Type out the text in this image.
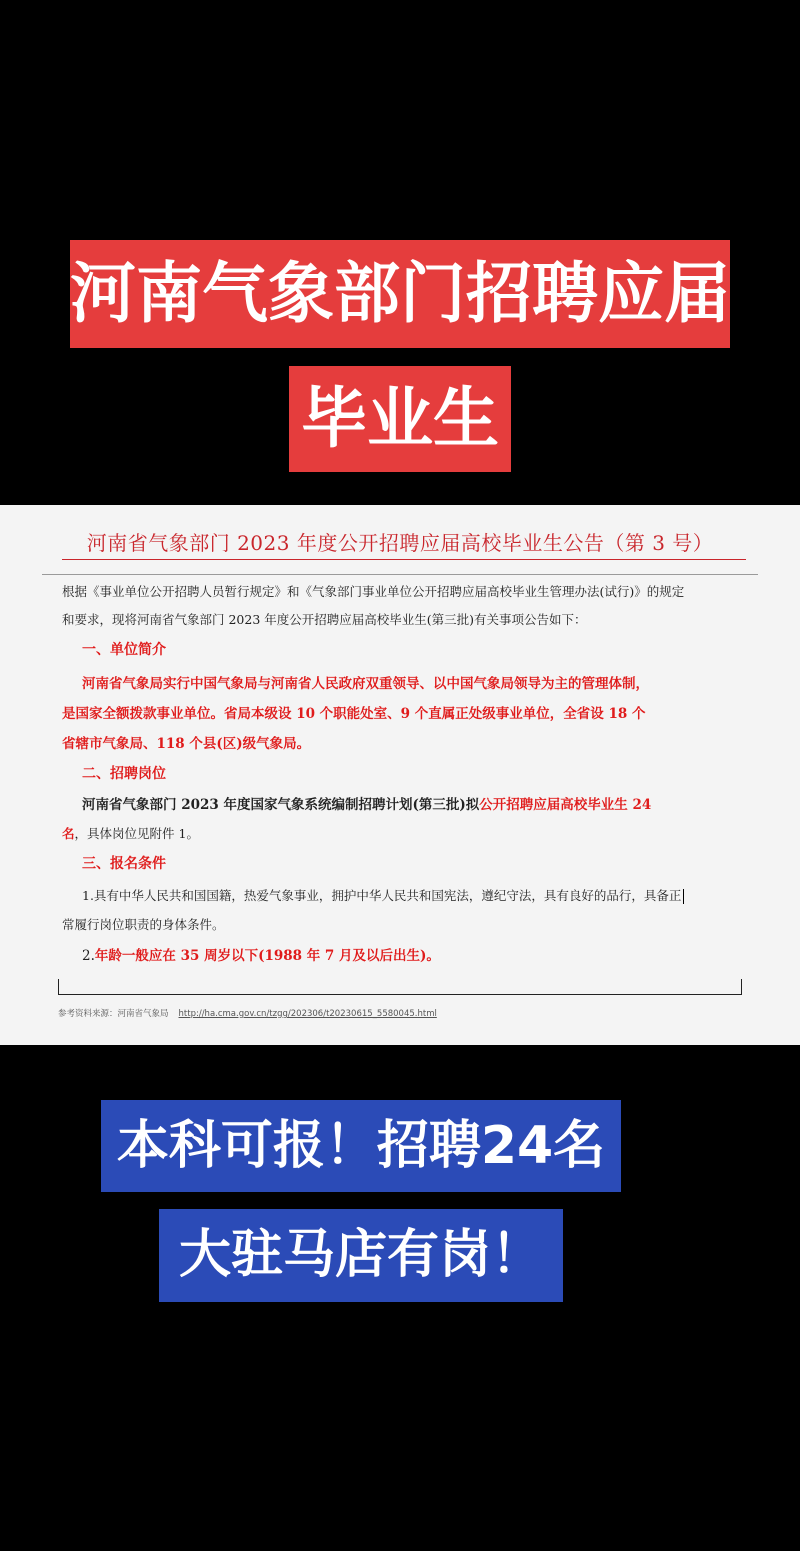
河南气象部门招聘应届
毕业生
河南省气象部门 2023 年度公开招聘应届高校毕业生公告（第 3 号）
根据《事业单位公开招聘人员暂行规定》和《气象部门事业单位公开招聘应届高校毕业生管理办法(试行)》的规定
和要求，现将河南省气象部门 2023 年度公开招聘应届高校毕业生(第三批)有关事项公告如下：
一、单位简介
河南省气象局实行中国气象局与河南省人民政府双重领导、以中国气象局领导为主的管理体制，
是国家全额拨款事业单位。省局本级设 10 个职能处室、9 个直属正处级事业单位，全省设 18 个
省辖市气象局、118 个县(区)级气象局。
二、招聘岗位
河南省气象部门 2023 年度国家气象系统编制招聘计划(第三批)拟公开招聘应届高校毕业生 24
名，具体岗位见附件 1。
三、报名条件
1.具有中华人民共和国国籍，热爱气象事业，拥护中华人民共和国宪法，遵纪守法，具有良好的品行，具备正
常履行岗位职责的身体条件。
2.年龄一般应在 35 周岁以下(1988 年 7 月及以后出生)。
参考资料来源：河南省气象局 http://ha.cma.gov.cn/tzgg/202306/t20230615_5580045.html
本科可报！招聘24名
大驻马店有岗！
